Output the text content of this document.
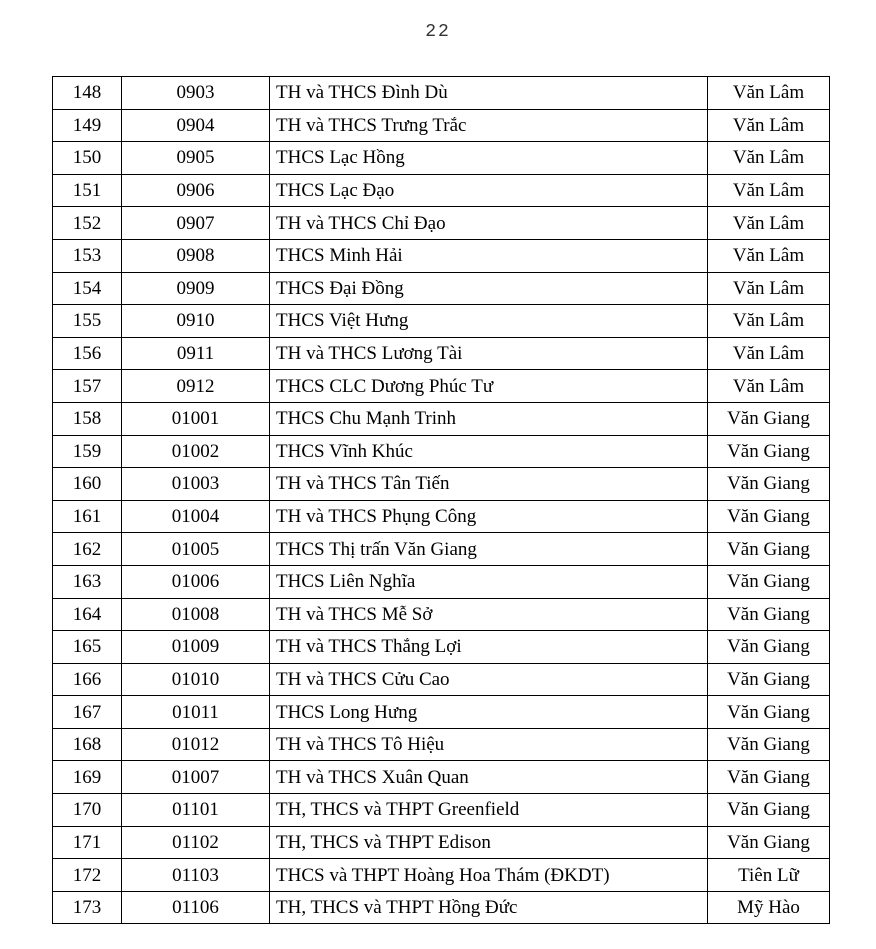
22
148	0903	TH và THCS Đình Dù	Văn Lâm
149	0904	TH và THCS Trưng Trắc	Văn Lâm
150	0905	THCS Lạc Hồng	Văn Lâm
151	0906	THCS Lạc Đạo	Văn Lâm
152	0907	TH và THCS Chỉ Đạo	Văn Lâm
153	0908	THCS Minh Hải	Văn Lâm
154	0909	THCS Đại Đồng	Văn Lâm
155	0910	THCS Việt Hưng	Văn Lâm
156	0911	TH và THCS Lương Tài	Văn Lâm
157	0912	THCS CLC Dương Phúc Tư	Văn Lâm
158	01001	THCS Chu Mạnh Trinh	Văn Giang
159	01002	THCS Vĩnh Khúc	Văn Giang
160	01003	TH và THCS Tân Tiến	Văn Giang
161	01004	TH và THCS Phụng Công	Văn Giang
162	01005	THCS Thị trấn Văn Giang	Văn Giang
163	01006	THCS Liên Nghĩa	Văn Giang
164	01008	TH và THCS Mễ Sở	Văn Giang
165	01009	TH và THCS Thắng Lợi	Văn Giang
166	01010	TH và THCS Cửu Cao	Văn Giang
167	01011	THCS Long Hưng	Văn Giang
168	01012	TH và THCS Tô Hiệu	Văn Giang
169	01007	TH và THCS Xuân Quan	Văn Giang
170	01101	TH, THCS và THPT Greenfield	Văn Giang
171	01102	TH, THCS và THPT Edison	Văn Giang
172	01103	THCS và THPT Hoàng Hoa Thám (ĐKDT)	Tiên Lữ
173	01106	TH, THCS và THPT Hồng Đức	Mỹ Hào
